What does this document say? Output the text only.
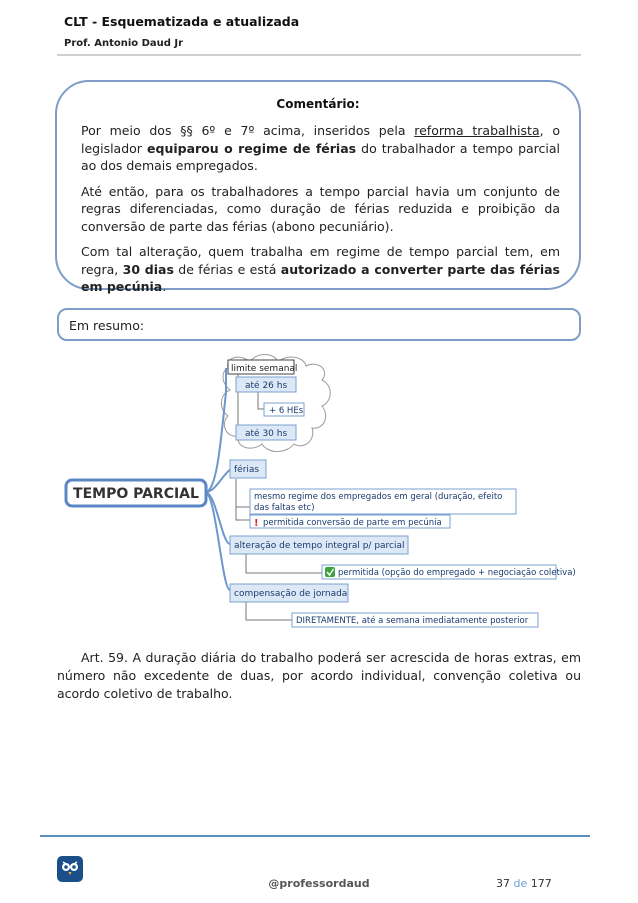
CLT - Esquematizada e atualizada
Prof. Antonio Daud Jr
Comentário:

Por meio dos §§ 6º e 7º acima, inseridos pela reforma trabalhista, o legislador equiparou o regime de férias do trabalhador a tempo parcial ao dos demais empregados.

Até então, para os trabalhadores a tempo parcial havia um conjunto de regras diferenciadas, como duração de férias reduzida e proibição da conversão de parte das férias (abono pecuniário).

Com tal alteração, quem trabalha em regime de tempo parcial tem, em regra, 30 dias de férias e está autorizado a converter parte das férias em pecúnia.

Em resumo:
TEMPO PARCIAL
limite semanal
até 26 hs
+ 6 HEs
até 30 hs
férias
mesmo regime dos empregados em geral (duração, efeito
das faltas etc)
! permitida conversão de parte em pecúnia
alteração de tempo integral p/ parcial
permitida (opção do empregado + negociação coletiva)
compensação de jornada
DIRETAMENTE, até a semana imediatamente posterior
Art. 59. A duração diária do trabalho poderá ser acrescida de horas extras, em número não excedente de duas, por acordo individual, convenção coletiva ou acordo coletivo de trabalho.
@professordaud	37 de 177
